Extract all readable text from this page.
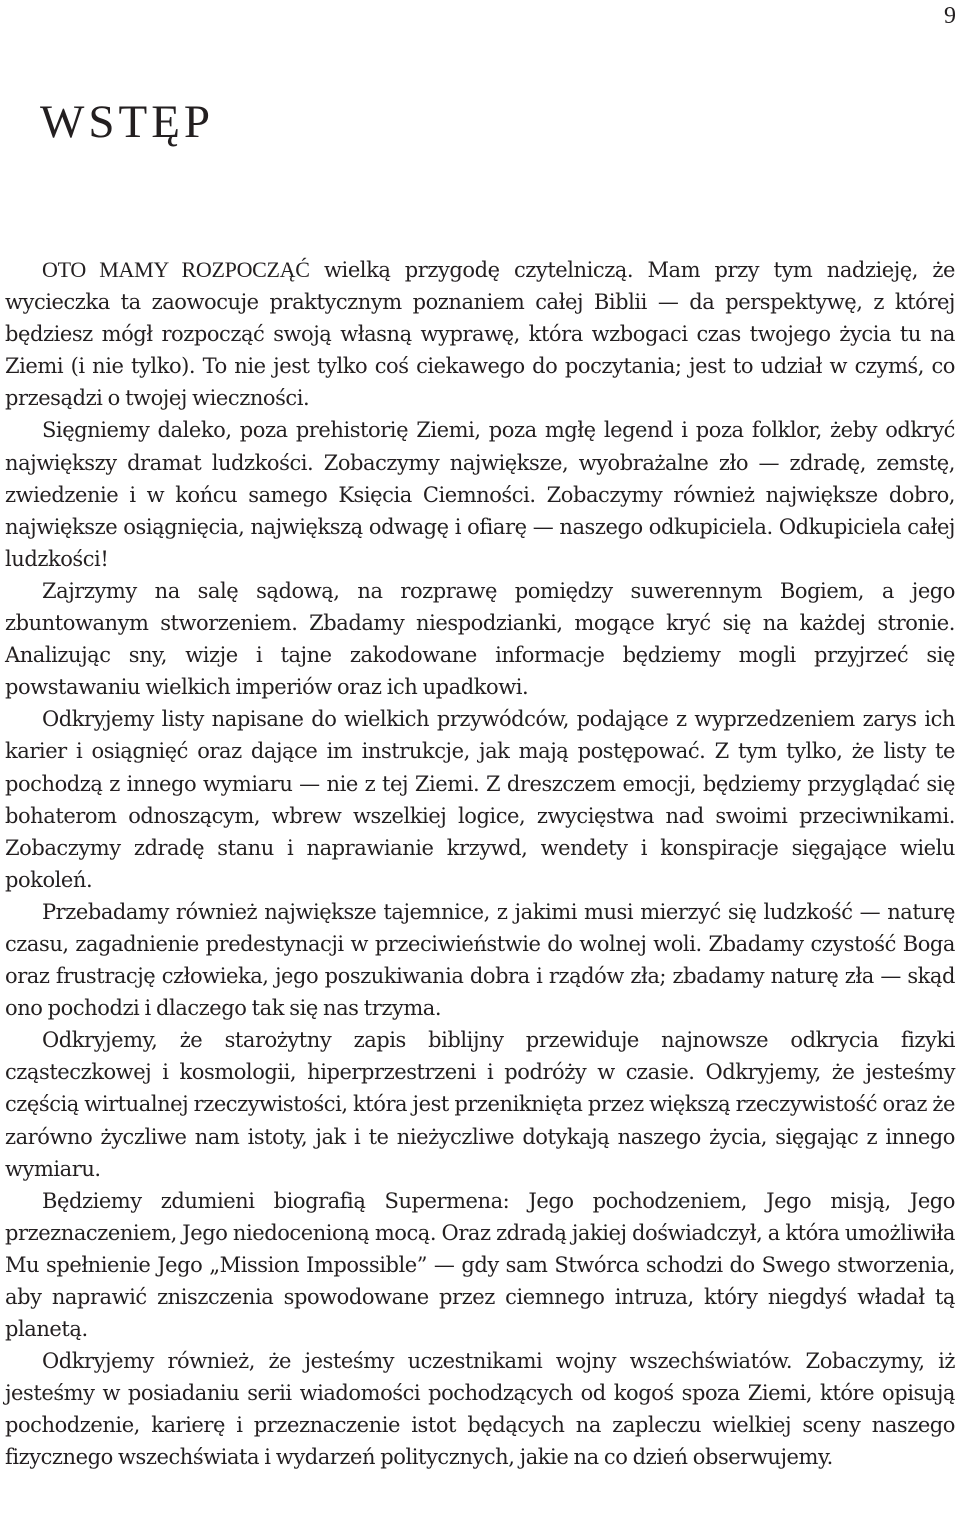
9
WSTĘP

OTO MAMY ROZPOCZĄĆ wielką przygodę czytelniczą. Mam przy tym nadzieję, że wycieczka ta zaowocuje praktycznym poznaniem całej Biblii — da perspektywę, z której będziesz mógł rozpocząć swoją własną wyprawę, która wzbogaci czas twojego życia tu na Ziemi (i nie tylko). To nie jest tylko coś ciekawego do poczytania; jest to udział w czymś, co przesądzi o twojej wieczności.

Sięgniemy daleko, poza prehistorię Ziemi, poza mgłę legend i poza folklor, żeby odkryć największy dramat ludzkości. Zobaczymy największe, wyobrażalne zło — zdradę, zemstę, zwiedzenie i w końcu samego Księcia Ciemności. Zobaczymy również największe dobro, największe osiągnięcia, największą odwagę i ofiarę — naszego odkupiciela. Odkupiciela całej ludzkości!

Zajrzymy na salę sądową, na rozprawę pomiędzy suwerennym Bogiem, a jego zbuntowanym stworzeniem. Zbadamy niespodzianki, mogące kryć się na każdej stronie. Analizując sny, wizje i tajne zakodowane informacje będziemy mogli przyjrzeć się powstawaniu wielkich imperiów oraz ich upadkowi.

Odkryjemy listy napisane do wielkich przywódców, podające z wyprzedzeniem zarys ich karier i osiągnięć oraz dające im instrukcje, jak mają postępować. Z tym tylko, że listy te pochodzą z innego wymiaru — nie z tej Ziemi. Z dreszczem emocji, będziemy przyglądać się bohaterom odnoszącym, wbrew wszelkiej logice, zwycięstwa nad swoimi przeciwnikami. Zobaczymy zdradę stanu i naprawianie krzywd, wendety i konspiracje sięgające wielu pokoleń.

Przebadamy również największe tajemnice, z jakimi musi mierzyć się ludzkość — naturę czasu, zagadnienie predestynacji w przeciwieństwie do wolnej woli. Zbadamy czystość Boga oraz frustrację człowieka, jego poszukiwania dobra i rządów zła; zbadamy naturę zła — skąd ono pochodzi i dlaczego tak się nas trzyma.

Odkryjemy, że starożytny zapis biblijny przewiduje najnowsze odkrycia fizyki cząsteczkowej i kosmologii, hiperprzestrzeni i podróży w czasie. Odkryjemy, że jesteśmy częścią wirtualnej rzeczywistości, która jest przeniknięta przez większą rzeczywistość oraz że zarówno życzliwe nam istoty, jak i te nieżyczliwe dotykają naszego życia, sięgając z innego wymiaru.

Będziemy zdumieni biografią Supermena: Jego pochodzeniem, Jego misją, Jego przeznaczeniem, Jego niedocenioną mocą. Oraz zdradą jakiej doświadczył, a która umożliwiła Mu spełnienie Jego „Mission Impossible” — gdy sam Stwórca schodzi do Swego stworzenia, aby naprawić zniszczenia spowodowane przez ciemnego intruza, który niegdyś władał tą planetą.

Odkryjemy również, że jesteśmy uczestnikami wojny wszechświatów. Zobaczymy, iż jesteśmy w posiadaniu serii wiadomości pochodzących od kogoś spoza Ziemi, które opisują pochodzenie, karierę i przeznaczenie istot będących na zapleczu wielkiej sceny naszego fizycznego wszechświata i wydarzeń politycznych, jakie na co dzień obserwujemy.
